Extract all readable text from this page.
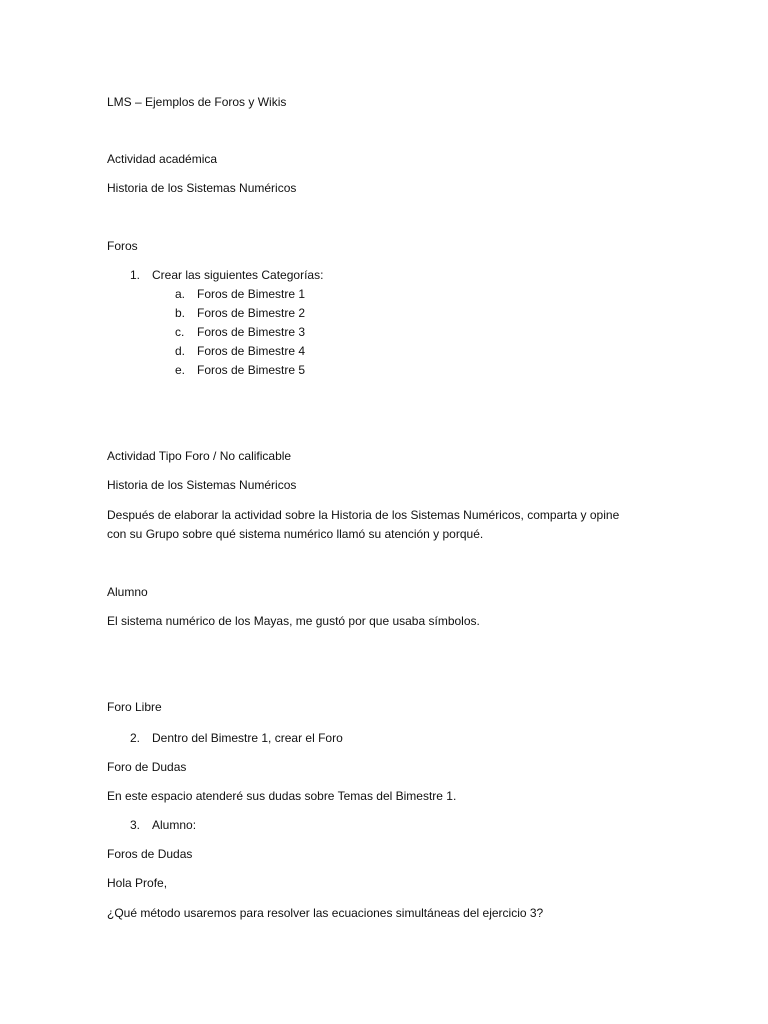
LMS – Ejemplos de Foros y Wikis
Actividad académica
Historia de los Sistemas Numéricos
Foros
1. Crear las siguientes Categorías:
a. Foros de Bimestre 1
b. Foros de Bimestre 2
c. Foros de Bimestre 3
d. Foros de Bimestre 4
e. Foros de Bimestre 5
Actividad Tipo Foro / No calificable
Historia de los Sistemas Numéricos
Después de elaborar la actividad sobre la Historia de los Sistemas Numéricos, comparta y opine
con su Grupo sobre qué sistema numérico llamó su atención y porqué.
Alumno
El sistema numérico de los Mayas, me gustó por que usaba símbolos.
Foro Libre
2. Dentro del Bimestre 1, crear el Foro
Foro de Dudas
En este espacio atenderé sus dudas sobre Temas del Bimestre 1.
3. Alumno:
Foros de Dudas
Hola Profe,
¿Qué método usaremos para resolver las ecuaciones simultáneas del ejercicio 3?
